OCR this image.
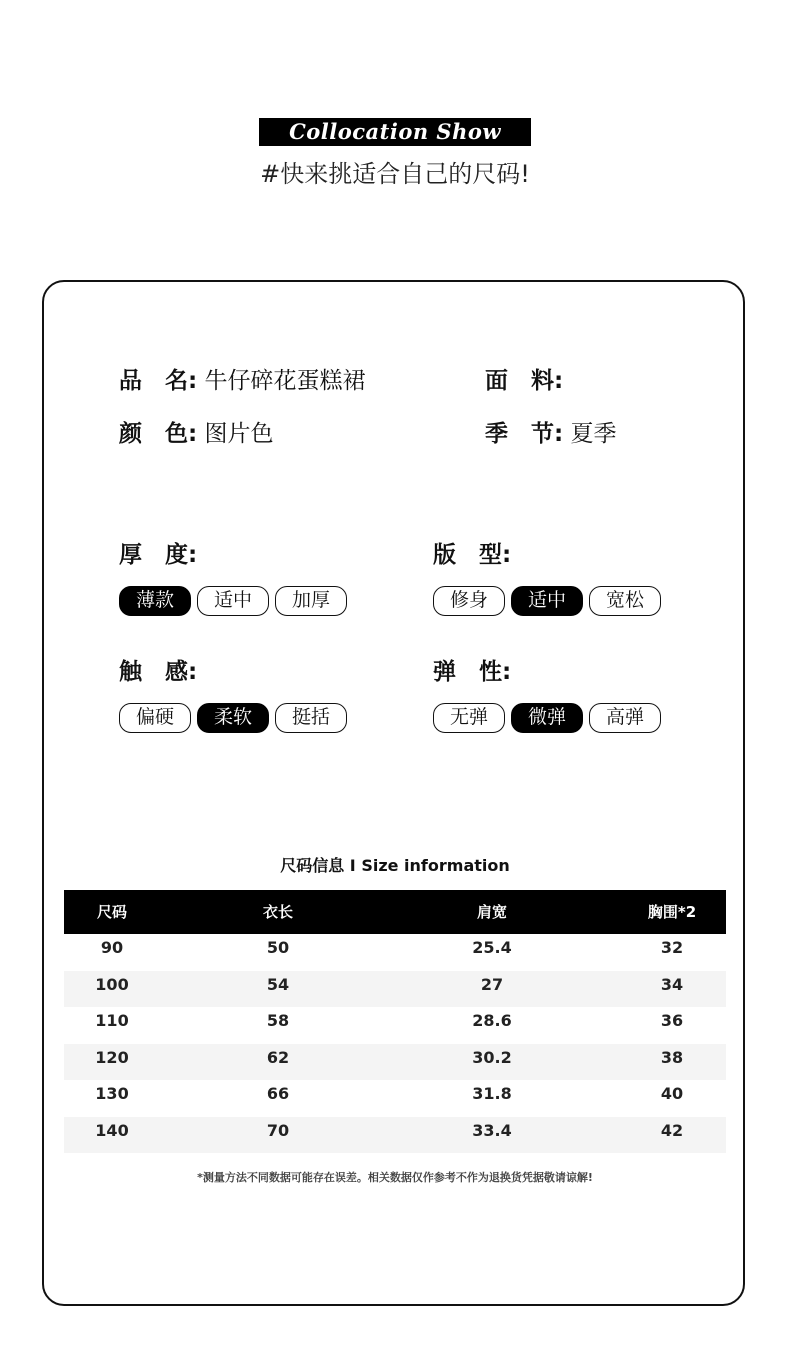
Collocation Show
#快来挑适合自己的尺码!
品　名: 牛仔碎花蛋糕裙	面　料:
颜　色: 图片色	季　节: 夏季
厚　度:
薄款	适中	加厚
版　型:
修身	适中	宽松
触　感:
偏硬	柔软	挺括
弹　性:
无弹	微弹	高弹
尺码信息 I Size information
尺码	衣长	肩宽	胸围*2
90	50	25.4	32
100	54	27	34
110	58	28.6	36
120	62	30.2	38
130	66	31.8	40
140	70	33.4	42
*测量方法不同数据可能存在误差。相关数据仅作参考不作为退换货凭据敬请谅解!
